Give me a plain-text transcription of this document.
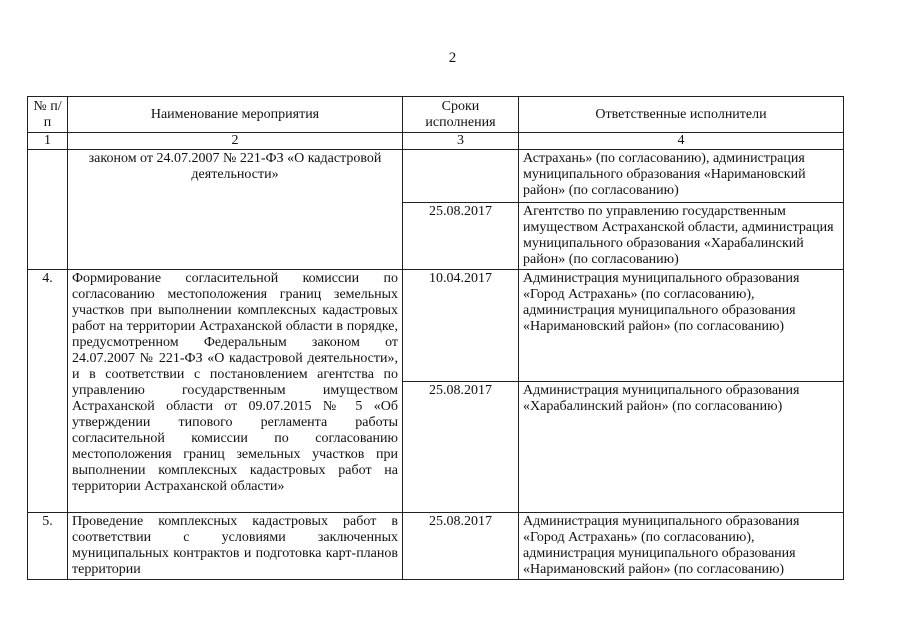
2
№ п/п	Наименование мероприятия	Сроки исполнения	Ответственные исполнители
1	2	3	4
	законом от 24.07.2007 № 221-ФЗ «О кадастровой деятельности»		Астрахань» (по согласованию), администрация муниципального образования «Наримановский район» (по согласованию)
		25.08.2017	Агентство по управлению государственным имуществом Астраханской области, администрация муниципального образования «Харабалинский район» (по согласованию)
4.	Формирование согласительной комиссии по согласованию местоположения границ земельных участков при выполнении комплексных кадастровых работ на территории Астраханской области в порядке, предусмотренном Федеральным законом от 24.07.2007 № 221-ФЗ «О кадастровой деятельности», и в соответствии с постановлением агентства по управлению государственным имуществом Астраханской области от 09.07.2015 № 5 «Об утверждении типового регламента работы согласительной комиссии по согласованию местоположения границ земельных участков при выполнении комплексных кадастровых работ на территории Астраханской области»	10.04.2017	Администрация муниципального образования «Город Астрахань» (по согласованию), администрация муниципального образования «Наримановский район» (по согласованию)
		25.08.2017	Администрация муниципального образования «Харабалинский район» (по согласованию)
5.	Проведение комплексных кадастровых работ в соответствии с условиями заключенных муниципальных контрактов и подготовка карт-планов территории	25.08.2017	Администрация муниципального образования «Город Астрахань» (по согласованию), администрация муниципального образования «Наримановский район» (по согласованию)
